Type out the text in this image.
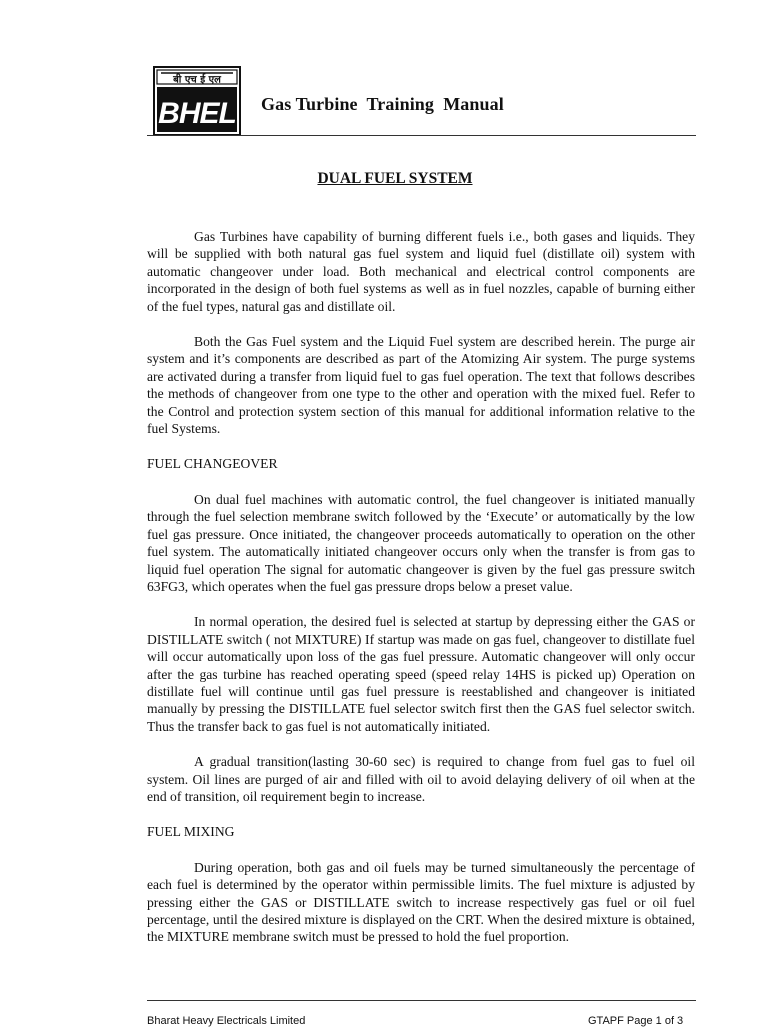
बी एच ई एल
BHEL Gas Turbine  Training  Manual
DUAL FUEL SYSTEM

Gas Turbines have capability of burning different fuels i.e., both gases and liquids. They will be supplied with both natural gas fuel system and liquid fuel (distillate oil) system with automatic changeover under load. Both mechanical and electrical control components are incorporated in the design of both fuel systems as well as in fuel nozzles, capable of burning either of the fuel types, natural gas and distillate oil.

Both the Gas Fuel system and the Liquid Fuel system are described herein. The purge air system and it’s components are described as part of the Atomizing Air system. The purge systems are activated during a transfer from liquid fuel to gas fuel operation. The text that follows describes the methods of changeover from one type to the other and operation with the mixed fuel. Refer to the Control and protection system section of this manual for additional information relative to the fuel Systems.

FUEL CHANGEOVER

On dual fuel machines with automatic control, the fuel changeover is initiated manually through the fuel selection membrane switch followed by the ‘Execute’ or automatically by the low fuel gas pressure. Once initiated, the changeover proceeds automatically to operation on the other fuel system. The automatically initiated changeover occurs only when the transfer is from gas to liquid fuel operation The signal for automatic changeover is given by the fuel gas pressure switch 63FG3, which operates when the fuel gas pressure drops below a preset value.

In normal operation, the desired fuel is selected at startup by depressing either the GAS or DISTILLATE switch ( not MIXTURE) If startup was made on gas fuel, changeover to distillate fuel will occur automatically upon loss of the gas fuel pressure. Automatic changeover will only occur after the gas turbine has reached operating speed (speed relay 14HS is picked up) Operation on distillate fuel will continue until gas fuel pressure is reestablished and changeover is initiated manually by pressing the DISTILLATE fuel selector switch first then the GAS fuel selector switch. Thus the transfer back to gas fuel is not automatically initiated.

A gradual transition(lasting 30-60 sec) is required to change from fuel gas to fuel oil system. Oil lines are purged of air and filled with oil to avoid delaying delivery of oil when at the end of transition, oil requirement begin to increase.

FUEL MIXING

During operation, both gas and oil fuels may be turned simultaneously the percentage of each fuel is determined by the operator within permissible limits. The fuel mixture is adjusted by pressing either the GAS or DISTILLATE switch to increase respectively gas fuel or oil fuel percentage, until the desired mixture is displayed on the CRT. When the desired mixture is obtained, the MIXTURE membrane switch must be pressed to hold the fuel proportion.

Bharat Heavy Electricals Limited	GTAPF Page 1 of 3
